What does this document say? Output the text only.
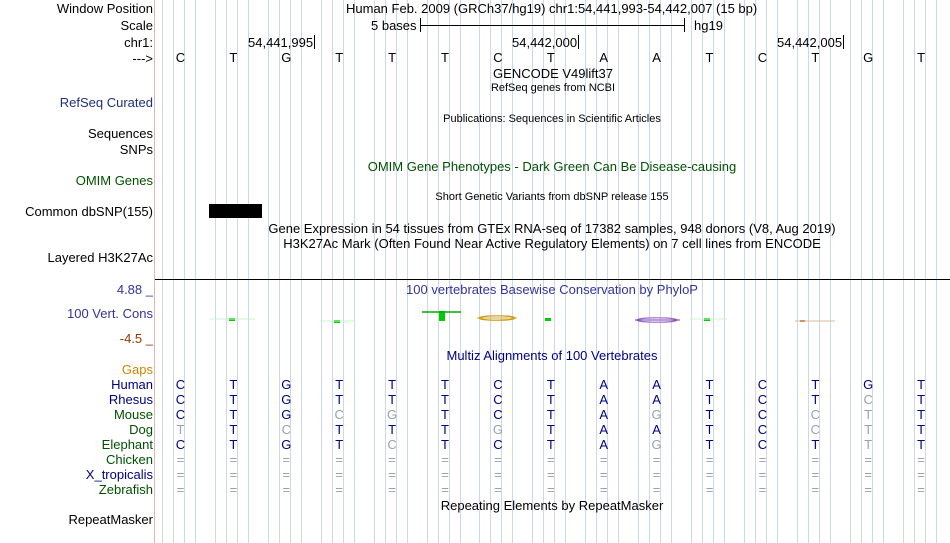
Window Position	Human Feb. 2009 (GRCh37/hg19) chr1:54,441,993-54,442,007 (15 bp)
Scale	5 bases	hg19
chr1:	54,441,995	54,442,000	54,442,005
--->	C	T	G	T	T	T	C	T	A	A	T	C	T	G	T
GENCODE V49lift37
RefSeq genes from NCBI
RefSeq Curated
Sequences
Publications: Sequences in Scientific Articles
SNPs
OMIM Gene Phenotypes - Dark Green Can Be Disease-causing
OMIM Genes
Short Genetic Variants from dbSNP release 155
Common dbSNP(155)
Gene Expression in 54 tissues from GTEx RNA-seq of 17382 samples, 948 donors (V8, Aug 2019)
H3K27Ac Mark (Often Found Near Active Regulatory Elements) on 7 cell lines from ENCODE
Layered H3K27Ac
4.88 _	100 vertebrates Basewise Conservation by PhyloP
100 Vert. Cons
-4.5 _
Multiz Alignments of 100 Vertebrates
Gaps
Human	C	T	G	T	T	T	C	T	A	A	T	C	T	G	T
Rhesus	C	T	G	T	T	T	C	T	A	A	T	C	T	C	T
Mouse	C	T	G	C	G	T	C	T	A	G	T	C	C	T	T
Dog	T	T	C	T	T	T	G	T	A	A	T	C	C	T	T
Elephant	C	T	G	T	C	T	C	T	A	G	T	C	T	T	T
Chicken	=	=	=	=	=	=	=	=	=	=	=	=	=	=	=
X_tropicalis	=	=	=	=	=	=	=	=	=	=	=	=	=	=	=
Zebrafish	=	=	=	=	=	=	=	=	=	=	=	=	=	=	=
Repeating Elements by RepeatMasker
RepeatMasker
